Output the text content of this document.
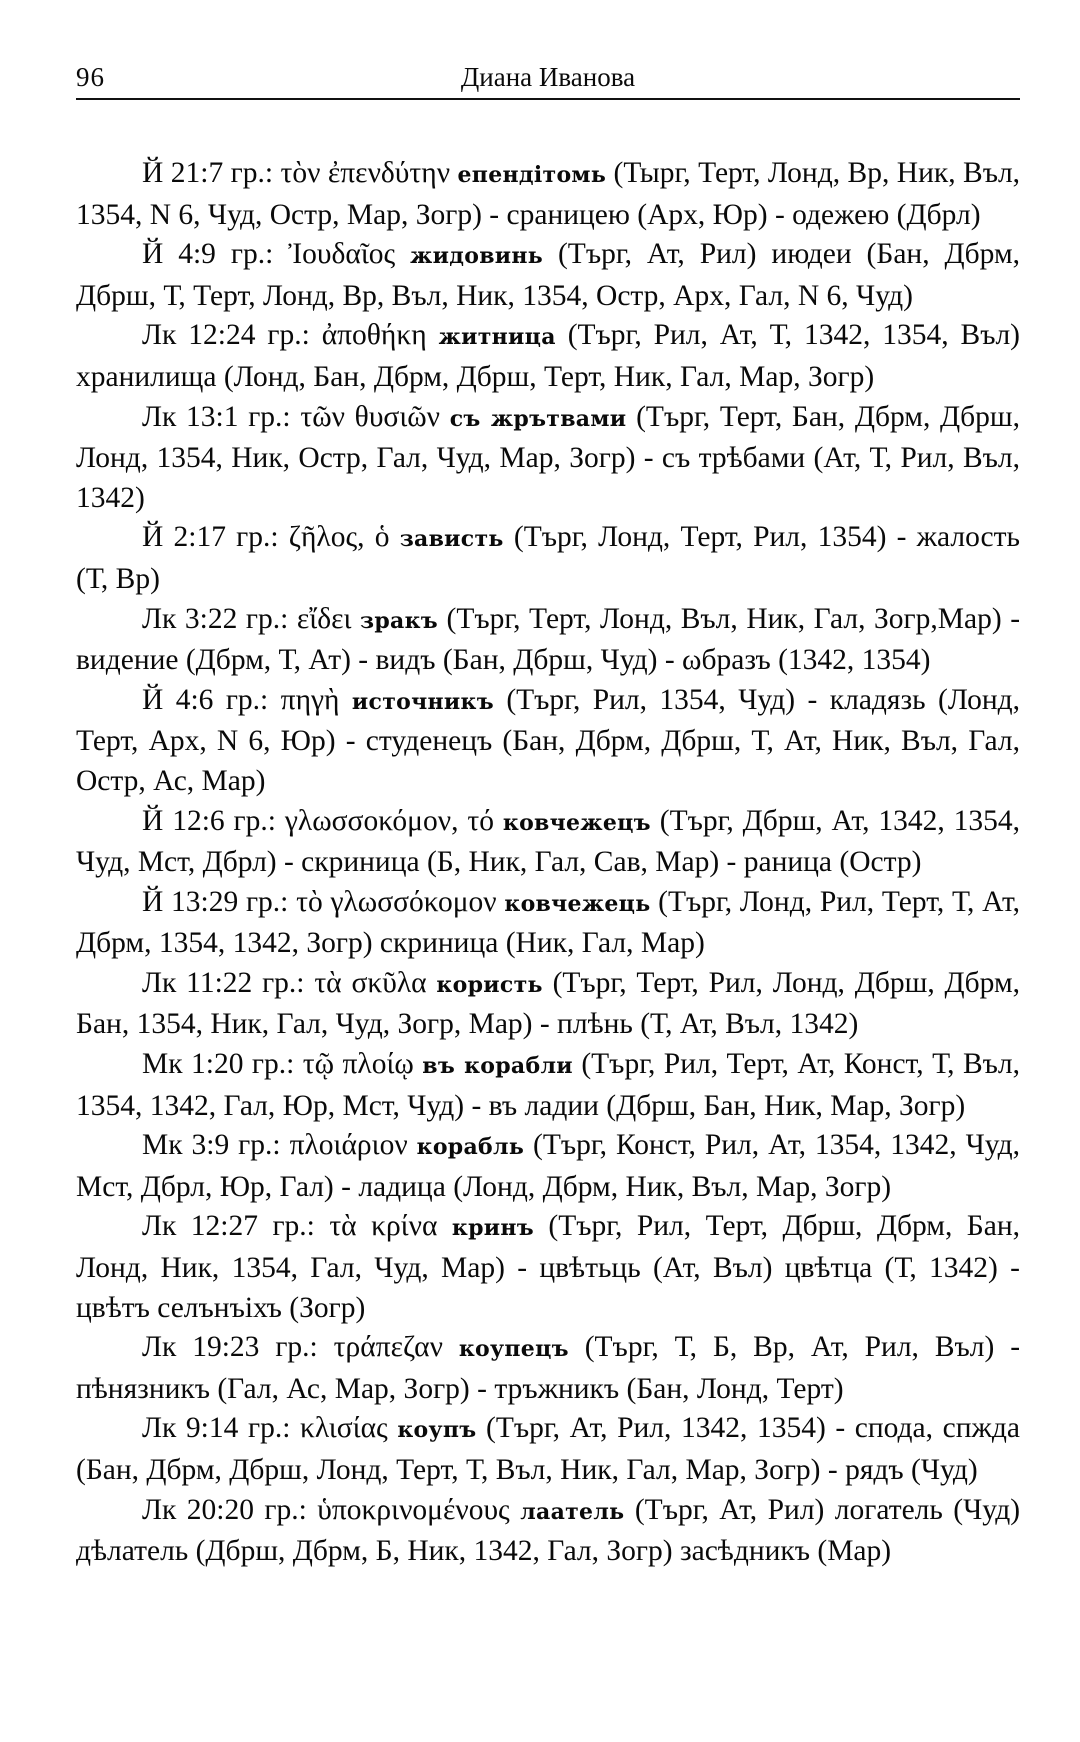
96	Диана Иванова

Й 21:7 гр.: τὸν ἐπενδύτην епендітомь (Тырг, Терт, Лонд, Вр, Ник, Въл, 1354, N 6, Чуд, Остр, Мар, Зогр) - сраницею (Арх, Юр) - одежею (Дбрл)

Й 4:9 гр.: Ἰουδαῖος жидовинь (Търг, Ат, Рил) июдеи (Бан, Дбрм, Дбрш, Т, Терт, Лонд, Вр, Въл, Ник, 1354, Остр, Арх, Гал, N 6, Чуд)

Лк 12:24 гр.: ἀποθήκη житница (Търг, Рил, Ат, Т, 1342, 1354, Въл) хранилища (Лонд, Бан, Дбрм, Дбрш, Терт, Ник, Гал, Мар, Зогр)

Лк 13:1 гр.: τῶν θυσιῶν съ жрътвами (Търг, Терт, Бан, Дбрм, Дбрш, Лонд, 1354, Ник, Остр, Гал, Чуд, Мар, Зогр) - съ трѣбами (Ат, Т, Рил, Въл, 1342)

Й 2:17 гр.: ζῆλος, ὁ зависть (Търг, Лонд, Терт, Рил, 1354) - жалость (Т, Вр)

Лк 3:22 гр.: εἴδει зракъ (Търг, Терт, Лонд, Въл, Ник, Гал, Зогр,Мар) - видение (Дбрм, Т, Ат) - видъ (Бан, Дбрш, Чуд) - ωбразъ (1342, 1354)

Й 4:6 гр.: πηγὴ источникъ (Търг, Рил, 1354, Чуд) - кладязь (Лонд, Терт, Арх, N 6, Юр) - студенецъ (Бан, Дбрм, Дбрш, Т, Ат, Ник, Въл, Гал, Остр, Ас, Мар)

Й 12:6 гр.: γλωσσοκόμον, τό ковчежецъ (Търг, Дбрш, Ат, 1342, 1354, Чуд, Мст, Дбрл) - скриница (Б, Ник, Гал, Сав, Мар) - раница (Остр)

Й 13:29 гр.: τὸ γλωσσόκομον ковчежець (Търг, Лонд, Рил, Терт, Т, Ат, Дбрм, 1354, 1342, Зогр) скриница (Ник, Гал, Мар)

Лк 11:22 гр.: τὰ σκῦλα користь (Търг, Терт, Рил, Лонд, Дбрш, Дбрм, Бан, 1354, Ник, Гал, Чуд, Зогр, Мар) - плѣнь (Т, Ат, Въл, 1342)

Мк 1:20 гр.: τῷ πλοίῳ въ корабли (Търг, Рил, Терт, Ат, Конст, Т, Въл, 1354, 1342, Гал, Юр, Мст, Чуд) - въ ладии (Дбрш, Бан, Ник, Мар, Зогр)

Мк 3:9 гр.: πλοιάριον корабль (Търг, Конст, Рил, Ат, 1354, 1342, Чуд, Мст, Дбрл, Юр, Гал) - ладица (Лонд, Дбрм, Ник, Въл, Мар, Зогр)

Лк 12:27 гр.: τὰ κρίνα кринъ (Търг, Рил, Терт, Дбрш, Дбрм, Бан, Лонд, Ник, 1354, Гал, Чуд, Мар) - цвѣтьць (Ат, Въл) цвѣтца (Т, 1342) - цвѣтъ селънъіхъ (Зогр)

Лк 19:23 гр.: τράπεζαν коупецъ (Търг, Т, Б, Вр, Ат, Рил, Въл) - пѣнязникъ (Гал, Ас, Мар, Зогр) - тръжникъ (Бан, Лонд, Терт)

Лк 9:14 гр.: κλισίας коупъ (Търг, Ат, Рил, 1342, 1354) - спода, спжда (Бан, Дбрм, Дбрш, Лонд, Терт, Т, Въл, Ник, Гал, Мар, Зогр) - рядъ (Чуд)

Лк 20:20 гр.: ὑποκρινομένους лаатель (Търг, Ат, Рил) логатель (Чуд) дѣлатель (Дбрш, Дбрм, Б, Ник, 1342, Гал, Зогр) засѣдникъ (Мар)
